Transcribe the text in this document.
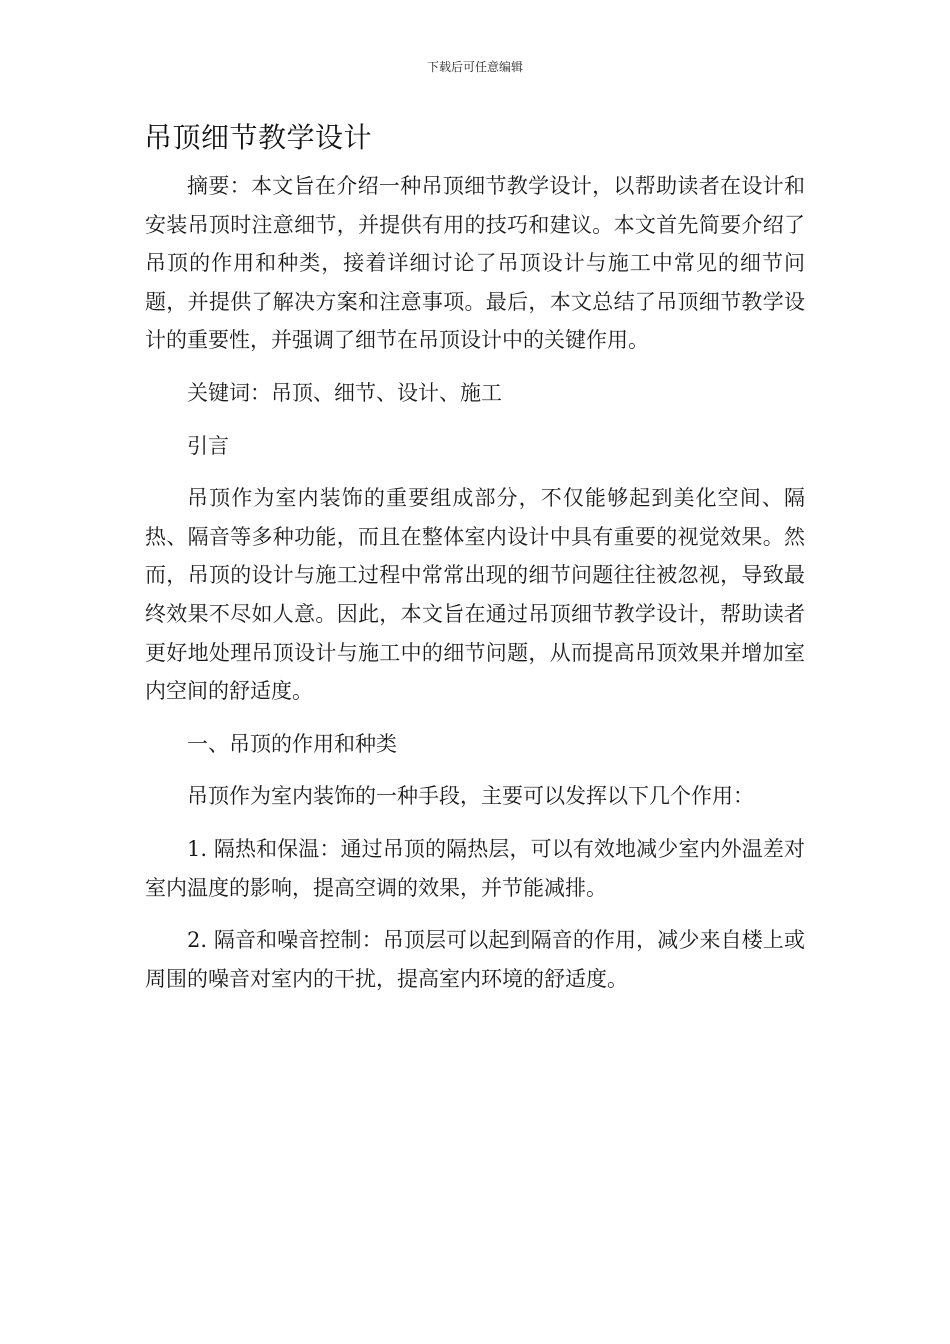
下载后可任意编辑
吊顶细节教学设计

摘要：本文旨在介绍一种吊顶细节教学设计，以帮助读者在设计和安装吊顶时注意细节，并提供有用的技巧和建议。本文首先简要介绍了吊顶的作用和种类，接着详细讨论了吊顶设计与施工中常见的细节问题，并提供了解决方案和注意事项。最后，本文总结了吊顶细节教学设计的重要性，并强调了细节在吊顶设计中的关键作用。

关键词：吊顶、细节、设计、施工

引言

吊顶作为室内装饰的重要组成部分，不仅能够起到美化空间、隔热、隔音等多种功能，而且在整体室内设计中具有重要的视觉效果。然而，吊顶的设计与施工过程中常常出现的细节问题往往被忽视，导致最终效果不尽如人意。因此，本文旨在通过吊顶细节教学设计，帮助读者更好地处理吊顶设计与施工中的细节问题，从而提高吊顶效果并增加室内空间的舒适度。

一、吊顶的作用和种类

吊顶作为室内装饰的一种手段，主要可以发挥以下几个作用：

1. 隔热和保温：通过吊顶的隔热层，可以有效地减少室内外温差对室内温度的影响，提高空调的效果，并节能减排。

2. 隔音和噪音控制：吊顶层可以起到隔音的作用，减少来自楼上或周围的噪音对室内的干扰，提高室内环境的舒适度。
